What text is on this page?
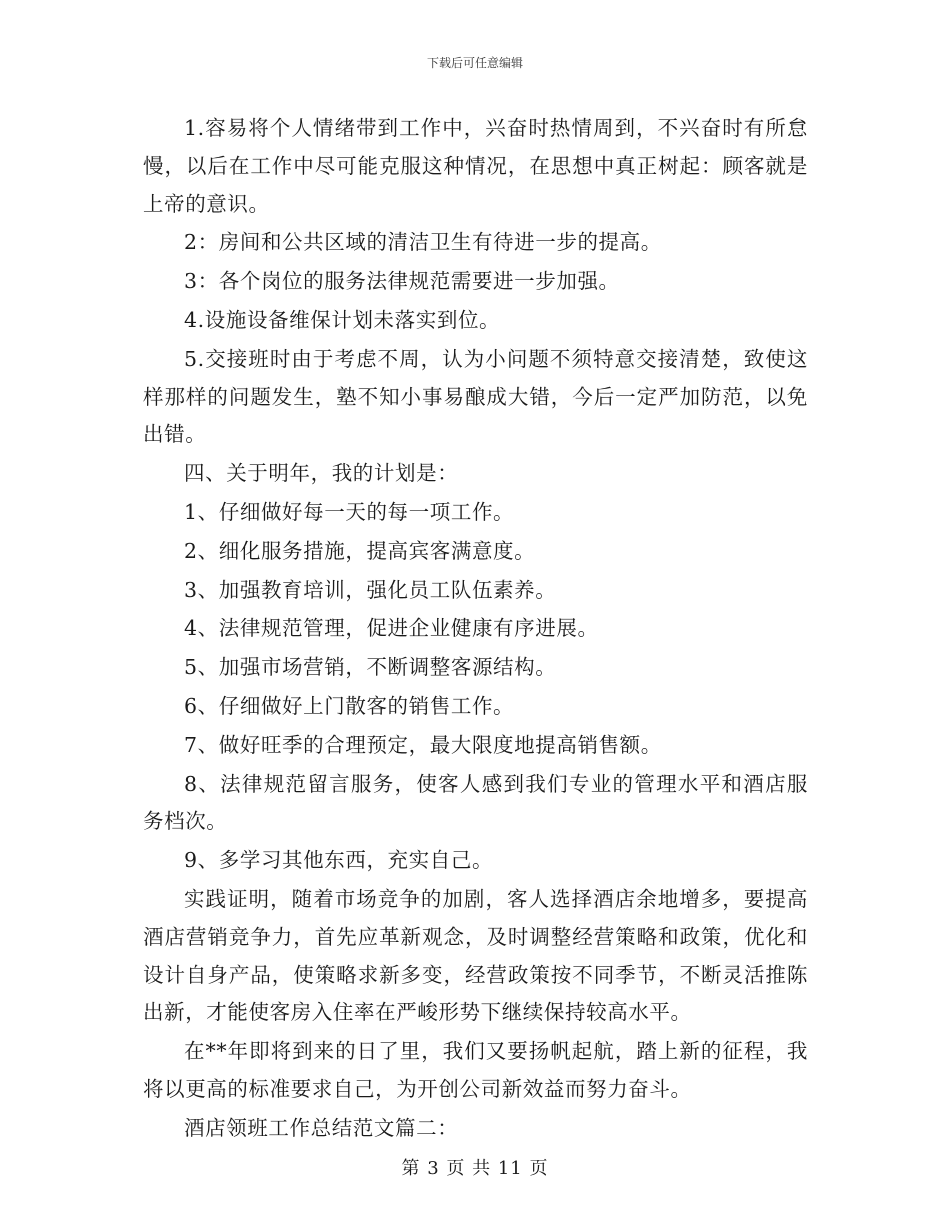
下载后可任意编辑

1.容易将个人情绪带到工作中，兴奋时热情周到，不兴奋时有所怠慢，以后在工作中尽可能克服这种情况，在思想中真正树起：顾客就是上帝的意识。

2：房间和公共区域的清洁卫生有待进一步的提高。

3：各个岗位的服务法律规范需要进一步加强。

4.设施设备维保计划未落实到位。

5.交接班时由于考虑不周，认为小问题不须特意交接清楚，致使这样那样的问题发生，塾不知小事易酿成大错，今后一定严加防范，以免出错。

四、关于明年，我的计划是：

1、仔细做好每一天的每一项工作。

2、细化服务措施，提高宾客满意度。

3、加强教育培训，强化员工队伍素养。

4、法律规范管理，促进企业健康有序进展。

5、加强市场营销，不断调整客源结构。

6、仔细做好上门散客的销售工作。

7、做好旺季的合理预定，最大限度地提高销售额。

8、法律规范留言服务，使客人感到我们专业的管理水平和酒店服务档次。

9、多学习其他东西，充实自己。

实践证明，随着市场竞争的加剧，客人选择酒店余地增多，要提高酒店营销竞争力，首先应革新观念，及时调整经营策略和政策，优化和设计自身产品，使策略求新多变，经营政策按不同季节，不断灵活推陈出新，才能使客房入住率在严峻形势下继续保持较高水平。

在**年即将到来的日了里，我们又要扬帆起航，踏上新的征程，我将以更高的标准要求自己，为开创公司新效益而努力奋斗。

酒店领班工作总结范文篇二：

第 3 页 共 11 页
